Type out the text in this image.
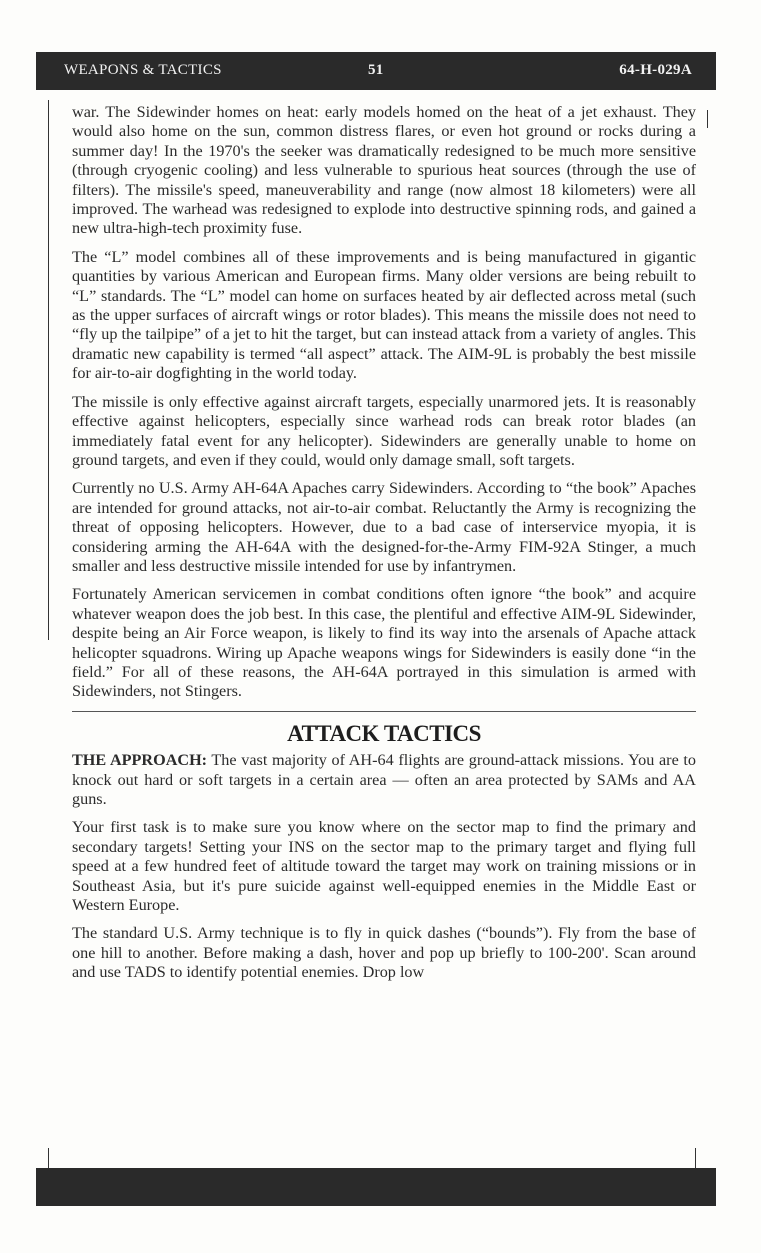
WEAPONS & TACTICS	51	64-H-029A

war. The Sidewinder homes on heat: early models homed on the heat of a jet exhaust. They would also home on the sun, common distress flares, or even hot ground or rocks during a summer day! In the 1970's the seeker was dramatically redesigned to be much more sensitive (through cryogenic cooling) and less vulnerable to spurious heat sources (through the use of filters). The missile's speed, maneuverability and range (now almost 18 kilometers) were all improved. The warhead was redesigned to explode into destructive spinning rods, and gained a new ultra-high-tech proximity fuse.

The “L” model combines all of these improvements and is being manufactured in gigantic quantities by various American and European firms. Many older versions are being rebuilt to “L” standards. The “L” model can home on surfaces heated by air deflected across metal (such as the upper surfaces of aircraft wings or rotor blades). This means the missile does not need to “fly up the tailpipe” of a jet to hit the target, but can instead attack from a variety of angles. This dramatic new capability is termed “all aspect” attack. The AIM-9L is probably the best missile for air-to-air dogfighting in the world today.

The missile is only effective against aircraft targets, especially unarmored jets. It is reasonably effective against helicopters, especially since warhead rods can break rotor blades (an immediately fatal event for any helicopter). Sidewinders are generally unable to home on ground targets, and even if they could, would only damage small, soft targets.

Currently no U.S. Army AH-64A Apaches carry Sidewinders. According to “the book” Apaches are intended for ground attacks, not air-to-air combat. Reluctantly the Army is recognizing the threat of opposing helicopters. However, due to a bad case of interservice myopia, it is considering arming the AH-64A with the designed-for-the-Army FIM-92A Stinger, a much smaller and less destructive missile intended for use by infantrymen.

Fortunately American servicemen in combat conditions often ignore “the book” and acquire whatever weapon does the job best. In this case, the plentiful and effective AIM-9L Sidewinder, despite being an Air Force weapon, is likely to find its way into the arsenals of Apache attack helicopter squadrons. Wiring up Apache weapons wings for Sidewinders is easily done “in the field.” For all of these reasons, the AH-64A portrayed in this simulation is armed with Sidewinders, not Stingers.

ATTACK TACTICS

THE APPROACH: The vast majority of AH-64 flights are ground-attack missions. You are to knock out hard or soft targets in a certain area — often an area protected by SAMs and AA guns.

Your first task is to make sure you know where on the sector map to find the primary and secondary targets! Setting your INS on the sector map to the primary target and flying full speed at a few hundred feet of altitude toward the target may work on training missions or in Southeast Asia, but it's pure suicide against well-equipped enemies in the Middle East or Western Europe.

The standard U.S. Army technique is to fly in quick dashes (“bounds”). Fly from the base of one hill to another. Before making a dash, hover and pop up briefly to 100-200'. Scan around and use TADS to identify potential enemies. Drop low
